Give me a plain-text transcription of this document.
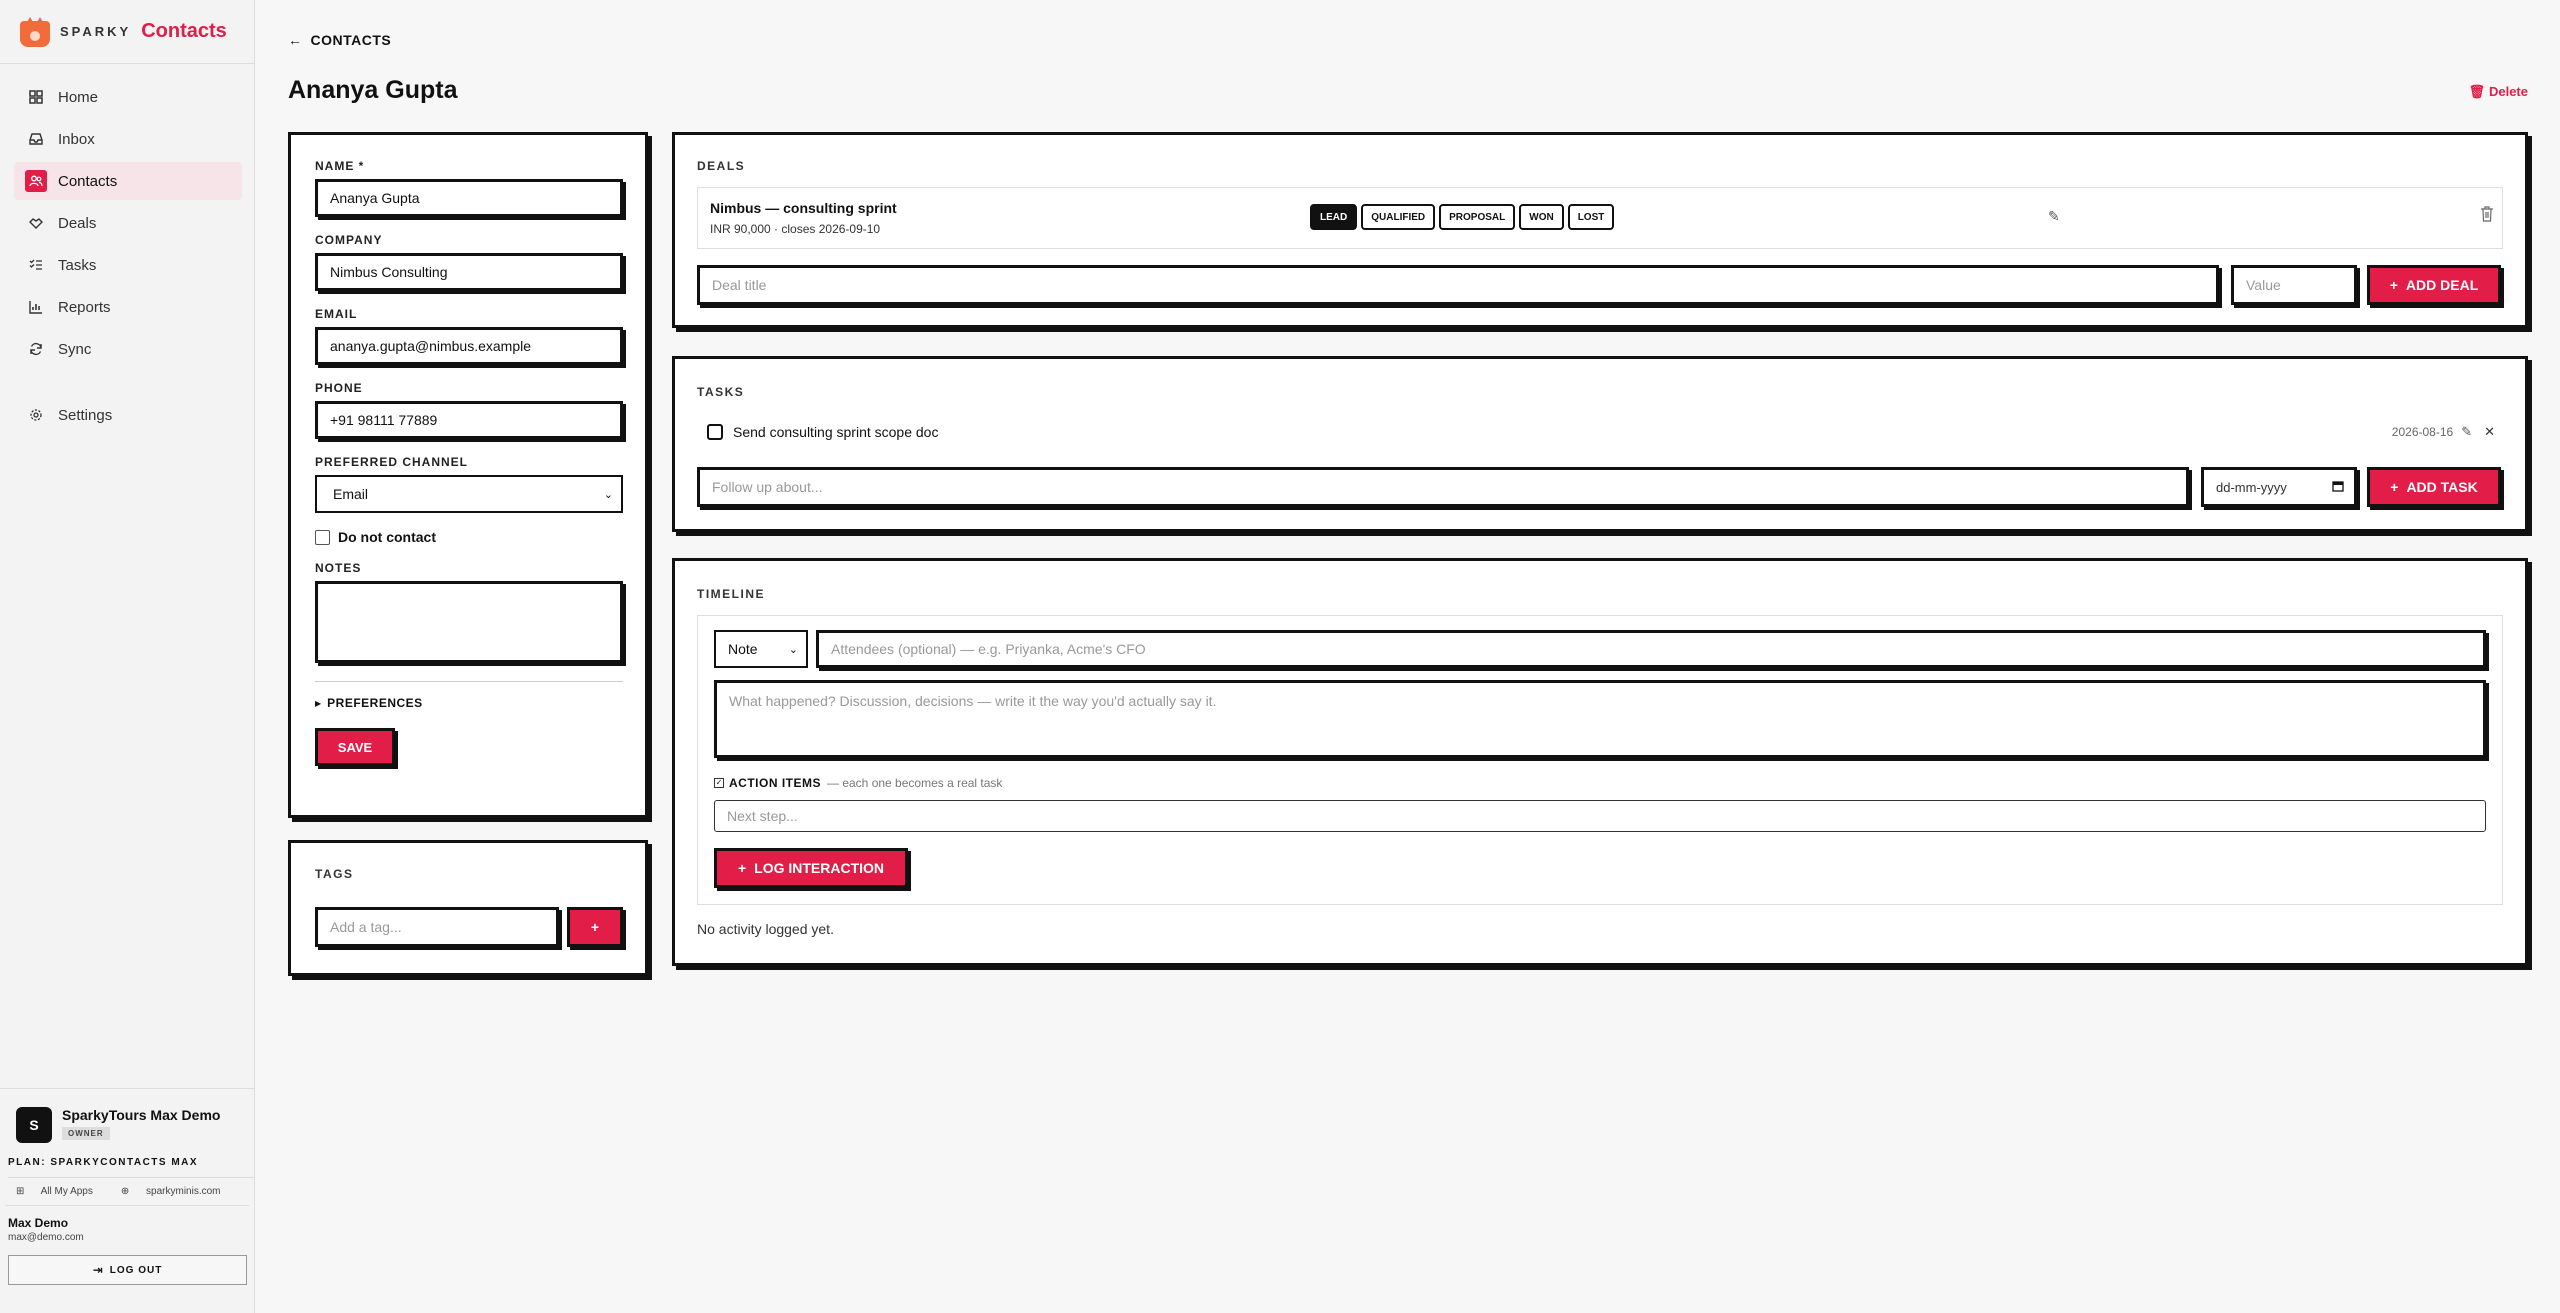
SPARKY Contacts
Home
Inbox
Contacts
Deals
Tasks
Reports
Sync
Settings
S
SparkyTours Max Demo
OWNER
PLAN: SPARKYCONTACTS MAX
⊞ All My Apps	⊕ sparkyminis.com
Max Demo
max@demo.com
⇥ LOG OUT
← CONTACTS
Ananya Gupta	🗑 Delete
NAME *
Ananya Gupta
COMPANY
Nimbus Consulting
EMAIL
ananya.gupta@nimbus.example
PHONE
+91 98111 77889
PREFERRED CHANNEL
Email	⌄
Do not contact
NOTES
▶ PREFERENCES
SAVE
TAGS
Add a tag...	+
DEALS
Nimbus — consulting sprint
INR 90,000 · closes 2026-09-10
LEAD	QUALIFIED	PROPOSAL	WON	LOST	✎
Deal title	Value	+ ADD DEAL
TASKS
Send consulting sprint scope doc	2026-08-16 ✎ ✕
Follow up about...	dd-mm-yyyy	+ ADD TASK
TIMELINE
Note	⌄ Attendees (optional) — e.g. Priyanka, Acme's CFO
What happened? Discussion, decisions — write it the way you'd actually say it.
✓ ACTION ITEMS — each one becomes a real task
Next step...
+ LOG INTERACTION
No activity logged yet.
